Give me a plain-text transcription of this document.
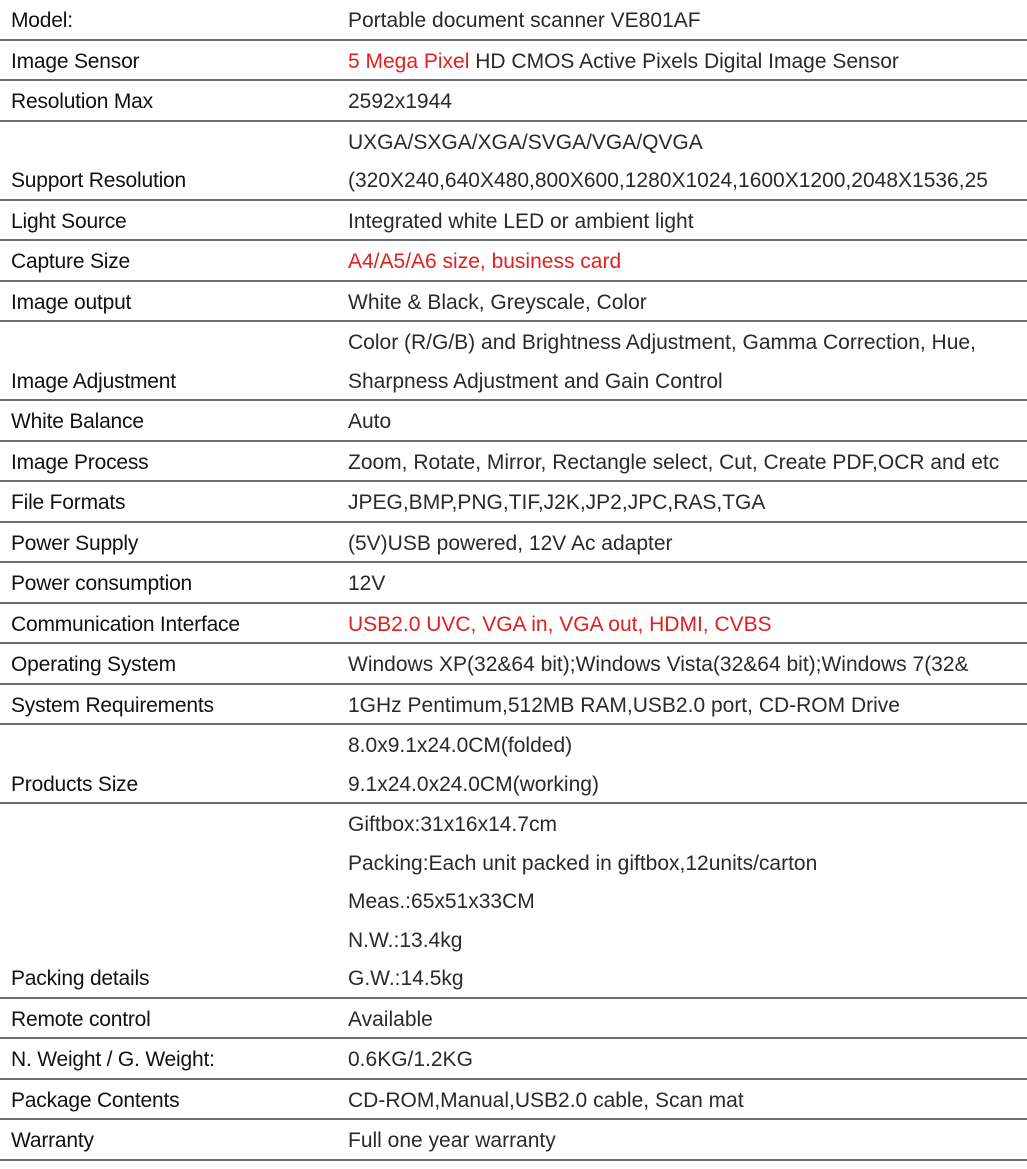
Model:	Portable document scanner VE801AF

Image Sensor	5 Mega Pixel HD CMOS Active Pixels Digital Image Sensor

Resolution Max	2592x1944

Support Resolution	UXGA/SXGA/XGA/SVGA/VGA/QVGA
(320X240,640X480,800X600,1280X1024,1600X1200,2048X1536,25

Light Source	Integrated white LED or ambient light

Capture Size	A4/A5/A6 size, business card

Image output	White & Black, Greyscale, Color

Image Adjustment	Color (R/G/B) and Brightness Adjustment, Gamma Correction, Hue,
Sharpness Adjustment and Gain Control

White Balance	Auto

Image Process	Zoom, Rotate, Mirror, Rectangle select, Cut, Create PDF,OCR and etc

File Formats	JPEG,BMP,PNG,TIF,J2K,JP2,JPC,RAS,TGA

Power Supply	(5V)USB powered, 12V Ac adapter

Power consumption	12V

Communication Interface	USB2.0 UVC, VGA in, VGA out, HDMI, CVBS

Operating System	Windows XP(32&64 bit);Windows Vista(32&64 bit);Windows 7(32&

System Requirements	1GHz Pentimum,512MB RAM,USB2.0 port, CD-ROM Drive

Products Size	8.0x9.1x24.0CM(folded)
9.1x24.0x24.0CM(working)

Packing details	Giftbox:31x16x14.7cm
Packing:Each unit packed in giftbox,12units/carton
Meas.:65x51x33CM
N.W.:13.4kg
G.W.:14.5kg

Remote control	Available

N. Weight / G. Weight:	0.6KG/1.2KG

Package Contents	CD-ROM,Manual,USB2.0 cable, Scan mat

Warranty	Full one year warranty
